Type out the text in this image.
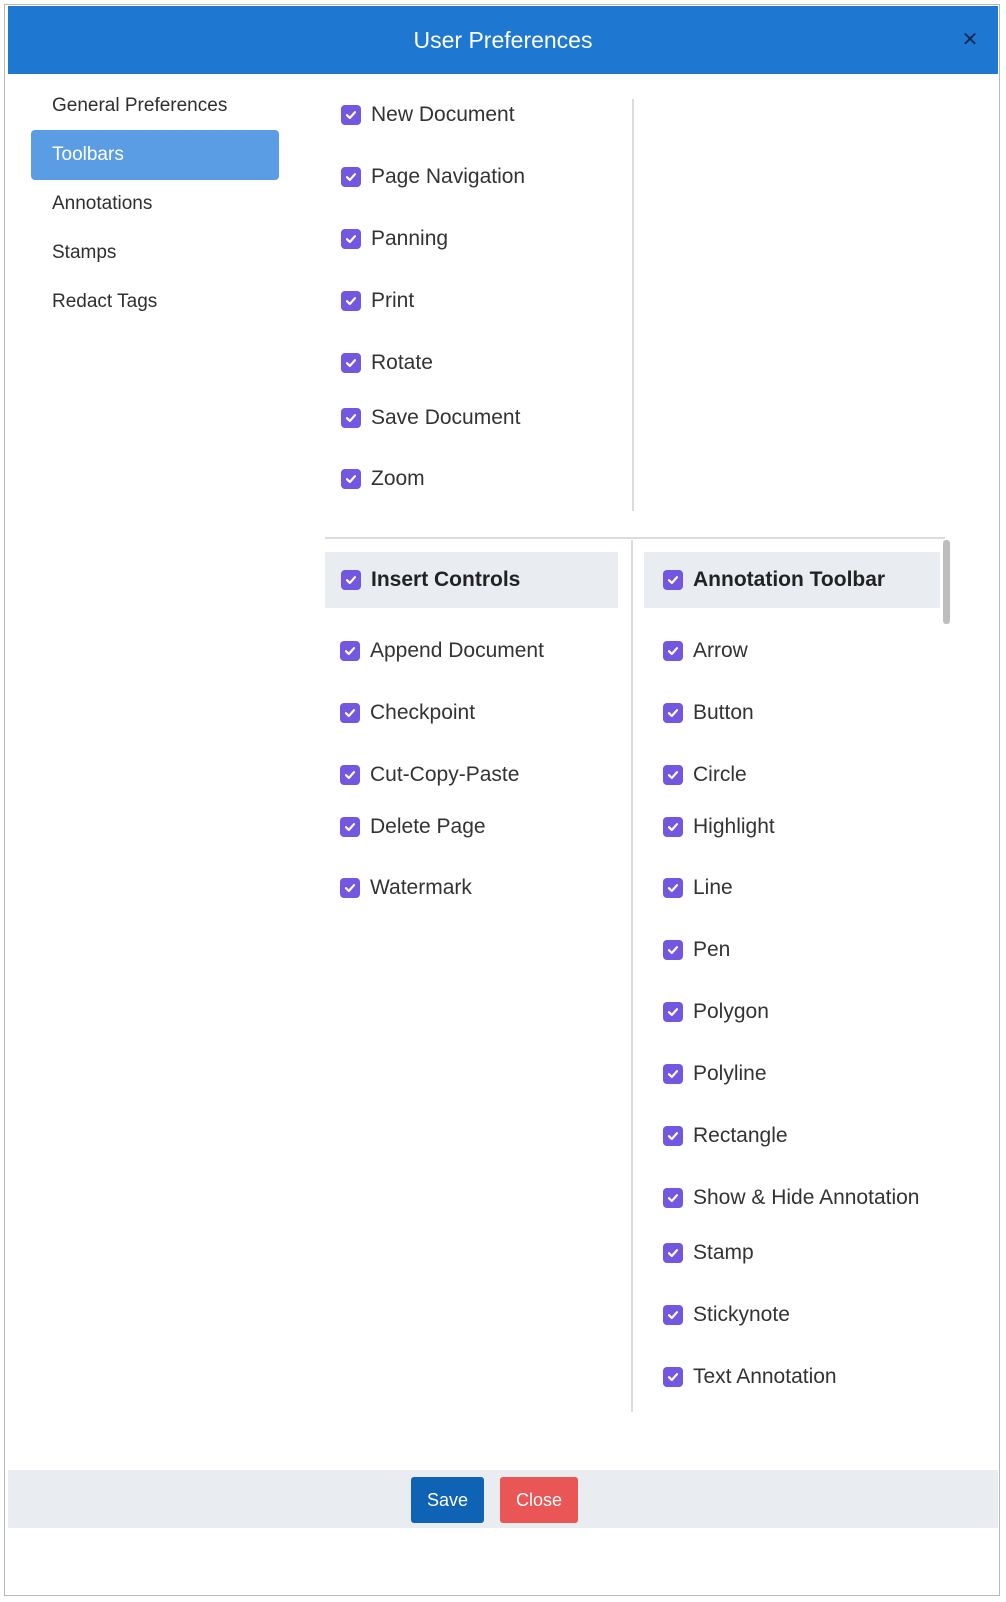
User Preferences	✕
General Preferences
Toolbars
Annotations
Stamps
Redact Tags
New Document
Page Navigation
Panning
Print
Rotate
Save Document
Zoom
Insert Controls
Append Document
Checkpoint
Cut-Copy-Paste
Delete Page
Watermark
Annotation Toolbar
Arrow
Button
Circle
Highlight
Line
Pen
Polygon
Polyline
Rectangle
Show & Hide Annotation
Stamp
Stickynote
Text Annotation
Save	Close
